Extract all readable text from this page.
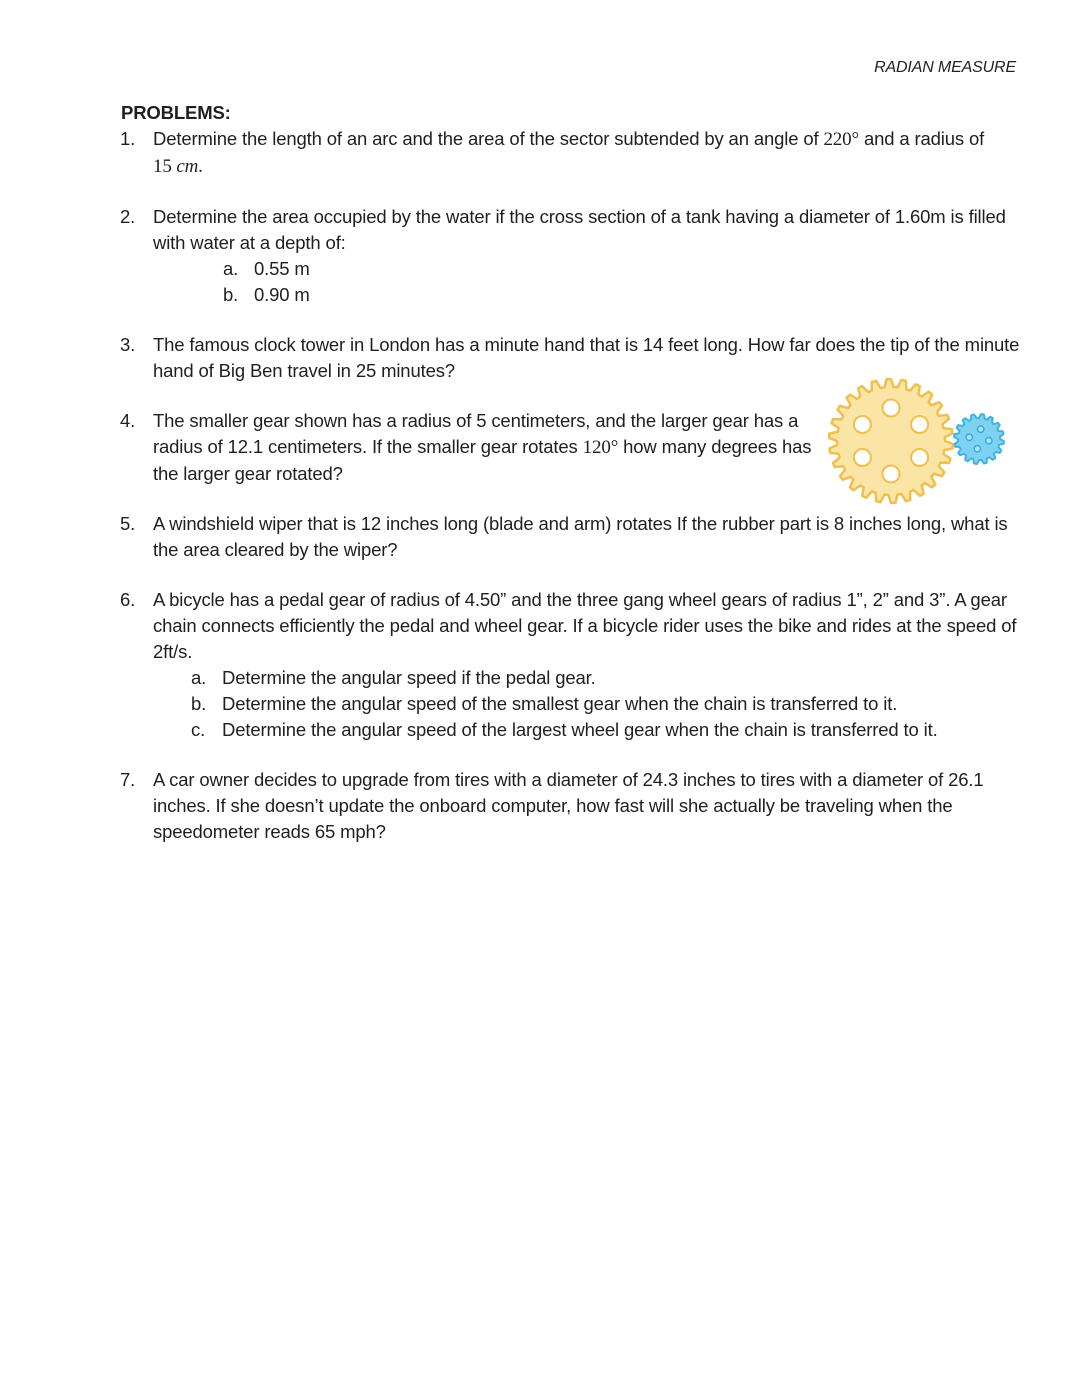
RADIAN MEASURE
PROBLEMS:
1. Determine the length of an arc and the area of the sector subtended by an angle of 220° and a radius of
15 cm.
2. Determine the area occupied by the water if the cross section of a tank having a diameter of 1.60m is filled
with water at a depth of:
a. 0.55 m
b. 0.90 m
3. The famous clock tower in London has a minute hand that is 14 feet long. How far does the tip of the minute
hand of Big Ben travel in 25 minutes?
4. The smaller gear shown has a radius of 5 centimeters, and the larger gear has a
radius of 12.1 centimeters. If the smaller gear rotates 120° how many degrees has
the larger gear rotated?
5. A windshield wiper that is 12 inches long (blade and arm) rotates If the rubber part is 8 inches long, what is
the area cleared by the wiper?
6. A bicycle has a pedal gear of radius of 4.50” and the three gang wheel gears of radius 1”, 2” and 3”. A gear
chain connects efficiently the pedal and wheel gear. If a bicycle rider uses the bike and rides at the speed of
2ft/s.
a. Determine the angular speed if the pedal gear.
b. Determine the angular speed of the smallest gear when the chain is transferred to it.
c. Determine the angular speed of the largest wheel gear when the chain is transferred to it.
7. A car owner decides to upgrade from tires with a diameter of 24.3 inches to tires with a diameter of 26.1
inches. If she doesn’t update the onboard computer, how fast will she actually be traveling when the
speedometer reads 65 mph?
